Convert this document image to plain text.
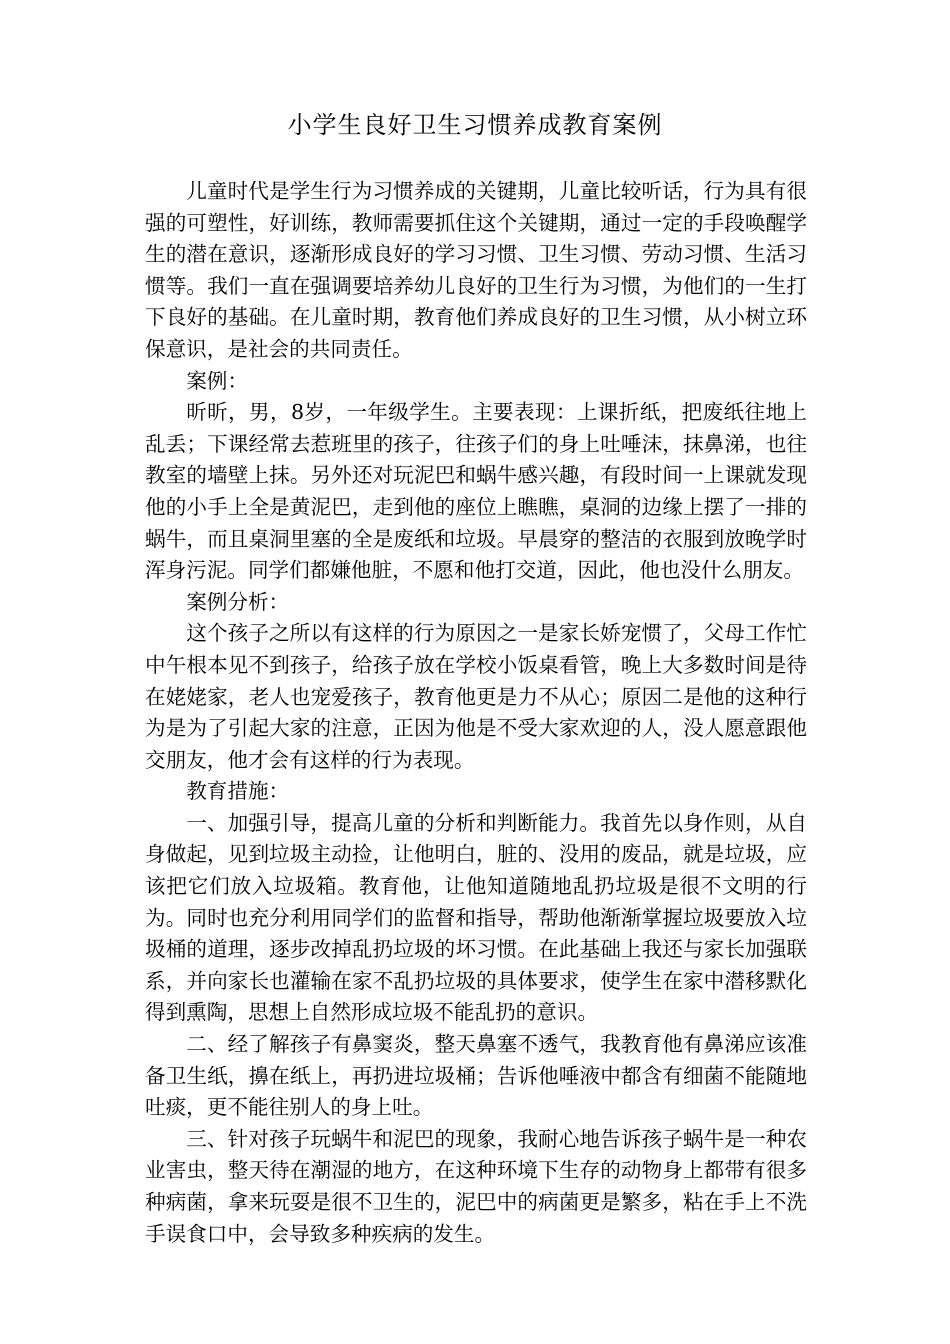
小学生良好卫生习惯养成教育案例

儿童时代是学生行为习惯养成的关键期，儿童比较听话，行为具有很强的可塑性，好训练，教师需要抓住这个关键期，通过一定的手段唤醒学生的潜在意识，逐渐形成良好的学习习惯、卫生习惯、劳动习惯、生活习惯等。我们一直在强调要培养幼儿良好的卫生行为习惯，为他们的一生打下良好的基础。在儿童时期，教育他们养成良好的卫生习惯，从小树立环保意识，是社会的共同责任。

案例：

昕昕，男，8岁，一年级学生。主要表现：上课折纸，把废纸往地上乱丢；下课经常去惹班里的孩子，往孩子们的身上吐唾沫，抹鼻涕，也往教室的墙壁上抹。另外还对玩泥巴和蜗牛感兴趣，有段时间一上课就发现他的小手上全是黄泥巴，走到他的座位上瞧瞧，桌洞的边缘上摆了一排的蜗牛，而且桌洞里塞的全是废纸和垃圾。早晨穿的整洁的衣服到放晚学时浑身污泥。同学们都嫌他脏，不愿和他打交道，因此，他也没什么朋友。

案例分析：

这个孩子之所以有这样的行为原因之一是家长娇宠惯了，父母工作忙中午根本见不到孩子，给孩子放在学校小饭桌看管，晚上大多数时间是待在姥姥家，老人也宠爱孩子，教育他更是力不从心；原因二是他的这种行为是为了引起大家的注意，正因为他是不受大家欢迎的人，没人愿意跟他交朋友，他才会有这样的行为表现。

教育措施：

一、加强引导，提高儿童的分析和判断能力。我首先以身作则，从自身做起，见到垃圾主动捡，让他明白，脏的、没用的废品，就是垃圾，应该把它们放入垃圾箱。教育他，让他知道随地乱扔垃圾是很不文明的行为。同时也充分利用同学们的监督和指导，帮助他渐渐掌握垃圾要放入垃圾桶的道理，逐步改掉乱扔垃圾的坏习惯。在此基础上我还与家长加强联系，并向家长也灌输在家不乱扔垃圾的具体要求，使学生在家中潜移默化得到熏陶，思想上自然形成垃圾不能乱扔的意识。

二、经了解孩子有鼻窦炎，整天鼻塞不透气，我教育他有鼻涕应该准备卫生纸，擤在纸上，再扔进垃圾桶；告诉他唾液中都含有细菌不能随地吐痰，更不能往别人的身上吐。

三、针对孩子玩蜗牛和泥巴的现象，我耐心地告诉孩子蜗牛是一种农业害虫，整天待在潮湿的地方，在这种环境下生存的动物身上都带有很多种病菌，拿来玩耍是很不卫生的，泥巴中的病菌更是繁多，粘在手上不洗手误食口中，会导致多种疾病的发生。
